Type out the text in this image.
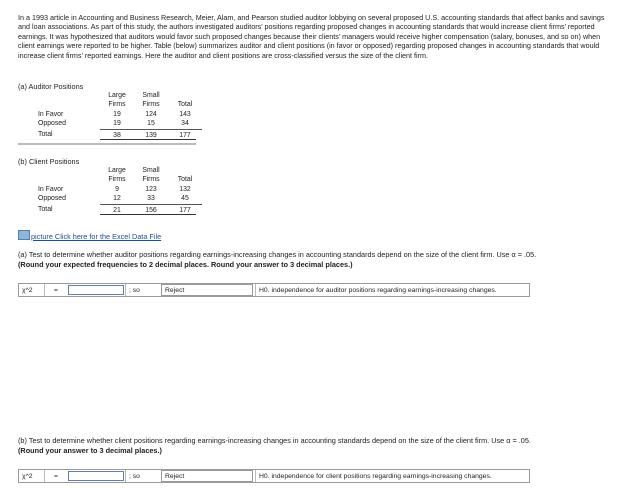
In a 1993 article in Accounting and Business Research, Meier, Alam, and Pearson studied auditor lobbying on several proposed U.S. accounting standards that affect banks and savings and loan associations. As part of this study, the authors investigated auditors’ positions regarding proposed changes in accounting standards that would increase client firms’ reported earnings. It was hypothesized that auditors would favor such proposed changes because their clients’ managers would receive higher compensation (salary, bonuses, and so on) when client earnings were reported to be higher. Table (below) summarizes auditor and client positions (in favor or opposed) regarding proposed changes in accounting standards that would increase client firms’ reported earnings. Here the auditor and client positions are cross-classified versus the size of the client firm.

(a) Auditor Positions
	Large	Small	
	Firms	Firms	Total
In Favor	19	124	143
Opposed	19	15	34
Total	38	139	177
(b) Client Positions
	Large	Small	
	Firms	Firms	Total
In Favor	9	123	132
Opposed	12	33	45
Total	21	156	177
picture Click here for the Excel Data File
(a) Test to determine whether auditor positions regarding earnings-increasing changes in accounting standards depend on the size of the client firm. Use α = .05.
(Round your expected frequencies to 2 decimal places. Round your answer to 3 decimal places.)
χ^2	=	; so	Reject	H0. independence for auditor positions regarding earnings-increasing changes.
(b) Test to determine whether client positions regarding earnings-increasing changes in accounting standards depend on the size of the client firm. Use α = .05.
(Round your answer to 3 decimal places.)
χ^2	=	; so	Reject	H0. independence for client positions regarding earnings-increasing changes.
